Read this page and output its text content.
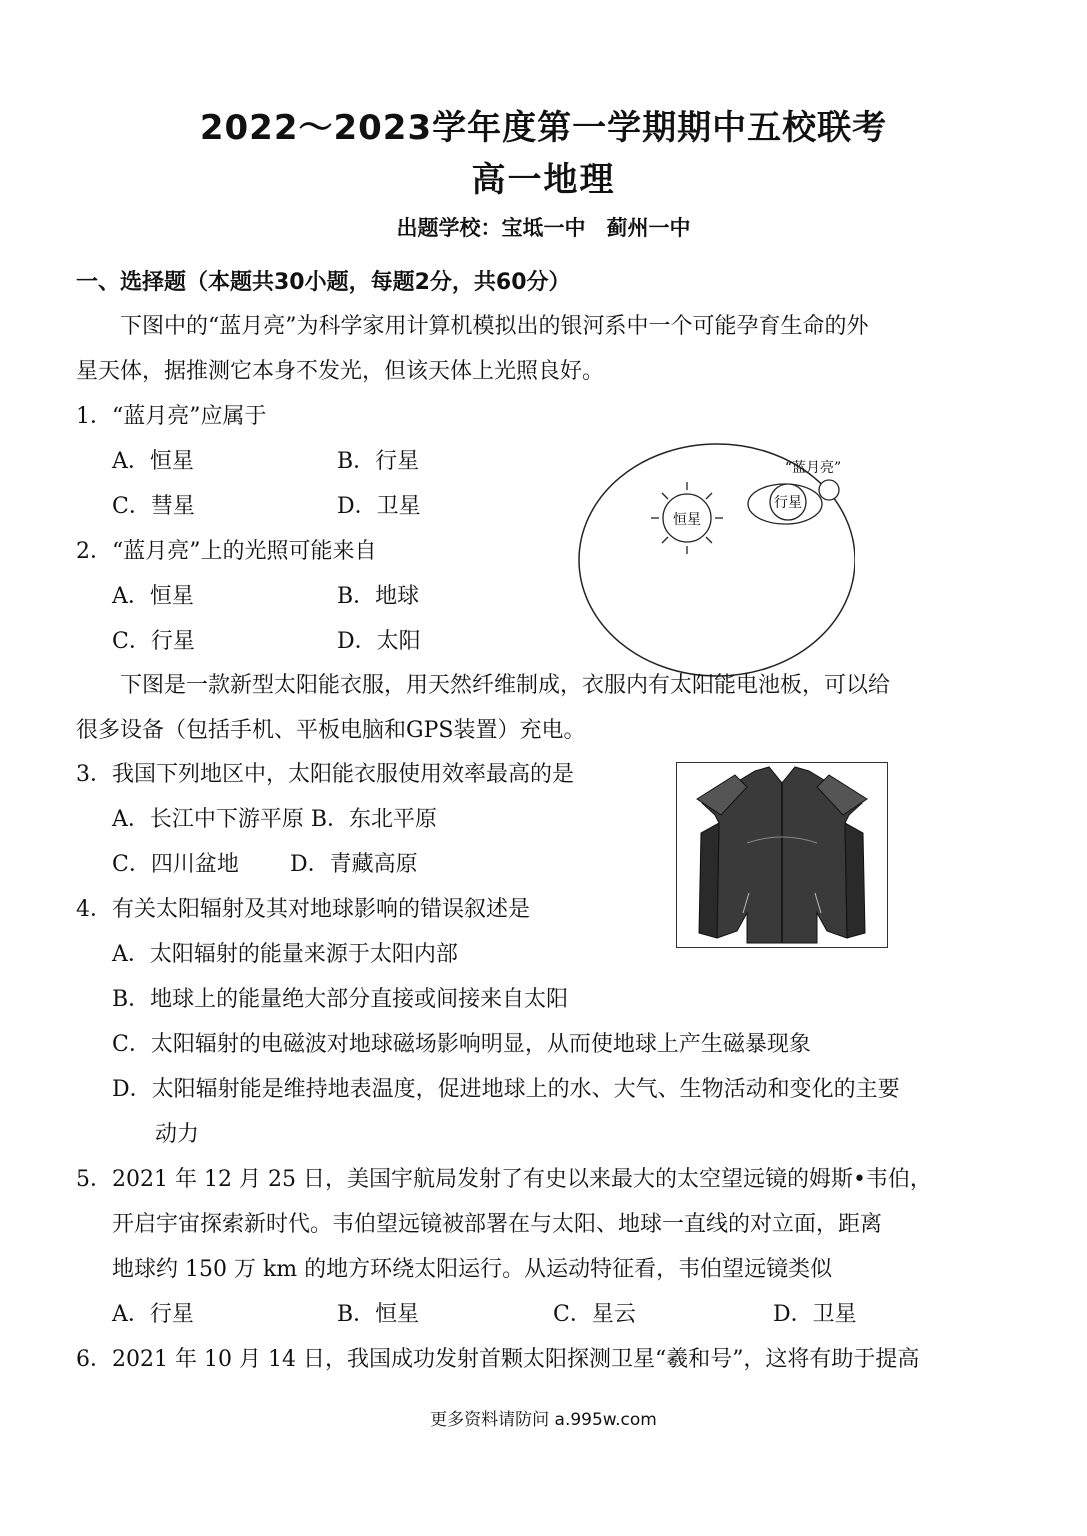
2022～2023学年度第一学期期中五校联考
高一地理
出题学校：宝坻一中　蓟州一中
一、选择题（本题共30小题，每题2分，共60分）
下图中的“蓝月亮”为科学家用计算机模拟出的银河系中一个可能孕育生命的外
星天体，据推测它本身不发光，但该天体上光照良好。
1．“蓝月亮”应属于
A．恒星	B．行星
C．彗星	D．卫星
2．“蓝月亮”上的光照可能来自
A．恒星	B．地球
C．行星	D．太阳
恒星
行星
“蓝月亮”
下图是一款新型太阳能衣服，用天然纤维制成，衣服内有太阳能电池板，可以给
很多设备（包括手机、平板电脑和GPS装置）充电。
3．我国下列地区中，太阳能衣服使用效率最高的是
A．长江中下游平原 B．东北平原
C．四川盆地 D．青藏高原
4．有关太阳辐射及其对地球影响的错误叙述是
A．太阳辐射的能量来源于太阳内部
B．地球上的能量绝大部分直接或间接来自太阳
C．太阳辐射的电磁波对地球磁场影响明显，从而使地球上产生磁暴现象
D．太阳辐射能是维持地表温度，促进地球上的水、大气、生物活动和变化的主要
动力
5．2021 年 12 月 25 日，美国宇航局发射了有史以来最大的太空望远镜的姆斯•韦伯，
开启宇宙探索新时代。韦伯望远镜被部署在与太阳、地球一直线的对立面，距离
地球约 150 万 km 的地方环绕太阳运行。从运动特征看，韦伯望远镜类似
A．行星	B．恒星	C．星云	D．卫星
6．2021 年 10 月 14 日，我国成功发射首颗太阳探测卫星“羲和号”，这将有助于提高
更多资料请防问 a.995w.com
